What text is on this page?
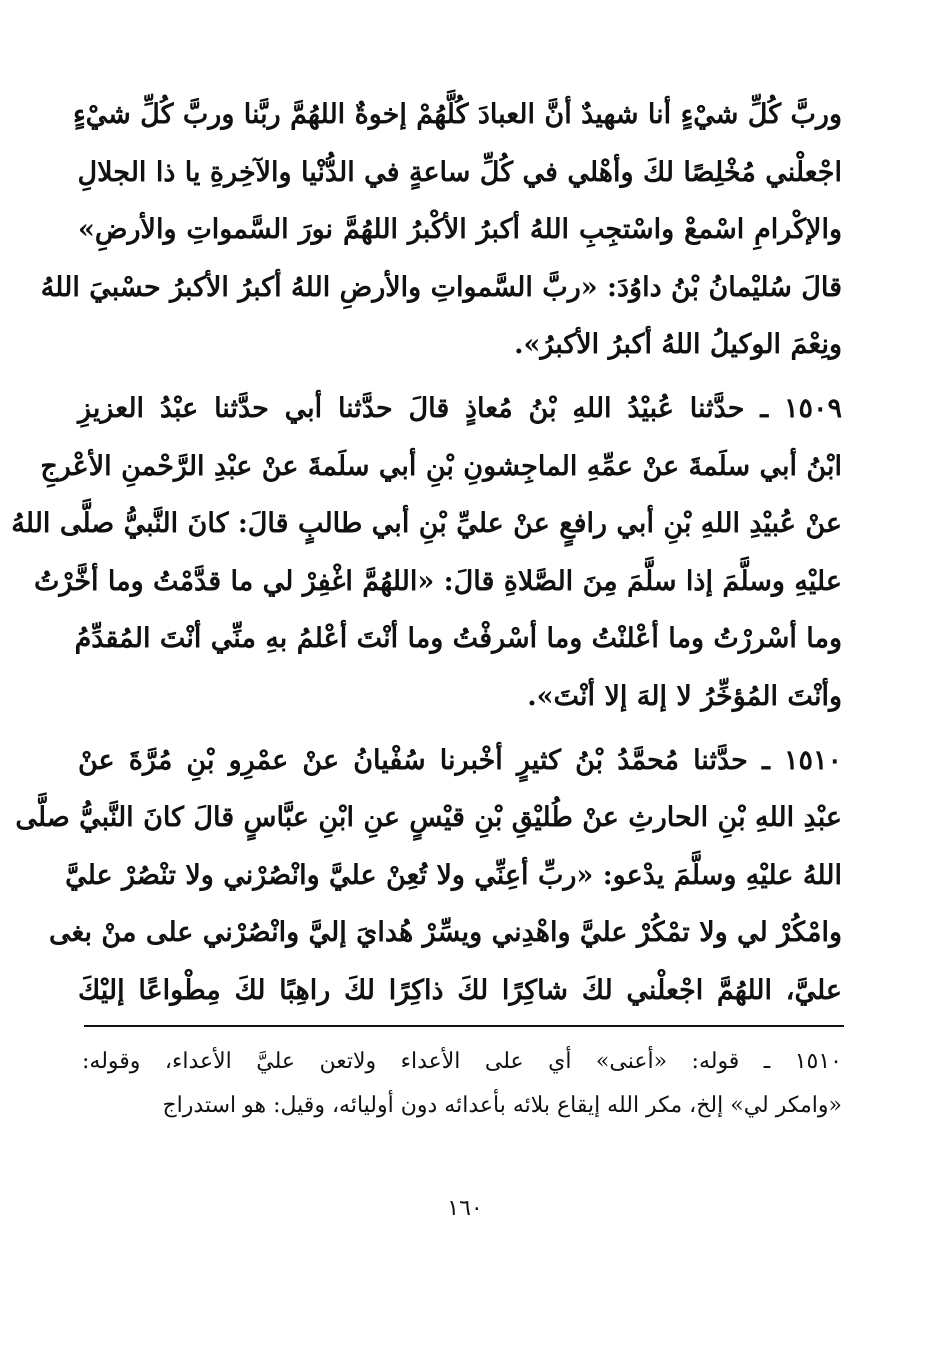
وربَّ كُلِّ شيْءٍ أنا شهيدٌ أنَّ العبادَ كُلَّهُمْ إخوةٌ اللهُمَّ ربَّنا وربَّ كُلِّ شيْءٍ
اجْعلْني مُخْلِصًا لكَ وأهْلي في كُلِّ ساعةٍ في الدُّنْيا والآخِرةِ يا ذا الجلالِ
والإكْرامِ اسْمعْ واسْتجِبِ اللهُ أكبرُ الأكْبرُ اللهُمَّ نورَ السَّمواتِ والأرضِ»
قالَ سُليْمانُ بْنُ داوُدَ: «ربَّ السَّمواتِ والأرضِ اللهُ أكبرُ الأكبرُ حسْبيَ اللهُ
ونِعْمَ الوكيلُ اللهُ أكبرُ الأكبرُ».
١٥٠٩ ـ حدَّثنا عُبيْدُ اللهِ بْنُ مُعاذٍ قالَ حدَّثنا أبي حدَّثنا عبْدُ العزيزِ
ابْنُ أبي سلَمةَ عنْ عمِّهِ الماجِشونِ بْنِ أبي سلَمةَ عنْ عبْدِ الرَّحْمنِ الأعْرجِ
عنْ عُبيْدِ اللهِ بْنِ أبي رافعٍ عنْ عليِّ بْنِ أبي طالبٍ قالَ: كانَ النَّبيُّ صلَّى اللهُ
عليْهِ وسلَّمَ إذا سلَّمَ مِنَ الصَّلاةِ قالَ: «اللهُمَّ اغْفِرْ لي ما قدَّمْتُ وما أخَّرْتُ
وما أسْررْتُ وما أعْلنْتُ وما أسْرفْتُ وما أنْتَ أعْلمُ بهِ منِّي أنْتَ المُقدِّمُ
وأنْتَ المُؤخِّرُ لا إلهَ إلا أنْتَ».
١٥١٠ ـ حدَّثنا مُحمَّدُ بْنُ كثيرٍ أخْبرنا سُفْيانُ عنْ عمْرِو بْنِ مُرَّةَ عنْ
عبْدِ اللهِ بْنِ الحارثِ عنْ طُليْقِ بْنِ قيْسٍ عنِ ابْنِ عبَّاسٍ قالَ كانَ النَّبيُّ صلَّى
اللهُ عليْهِ وسلَّمَ يدْعو: «ربِّ أعِنِّي ولا تُعِنْ عليَّ وانْصُرْني ولا تنْصُرْ عليَّ
وامْكُرْ لي ولا تمْكُرْ عليَّ واهْدِني ويسِّرْ هُدايَ إليَّ وانْصُرْني على منْ بغى
عليَّ، اللهُمَّ اجْعلْني لكَ شاكِرًا لكَ ذاكِرًا لكَ راهِبًا لكَ مِطْواعًا إليْكَ
١٥١٠ ـ قوله: «أعنى» أي على الأعداء ولاتعن عليَّ الأعداء، وقوله:
«وامكر لي» إلخ، مكر الله إيقاع بلائه بأعدائه دون أوليائه، وقيل: هو استدراج
١٦٠
